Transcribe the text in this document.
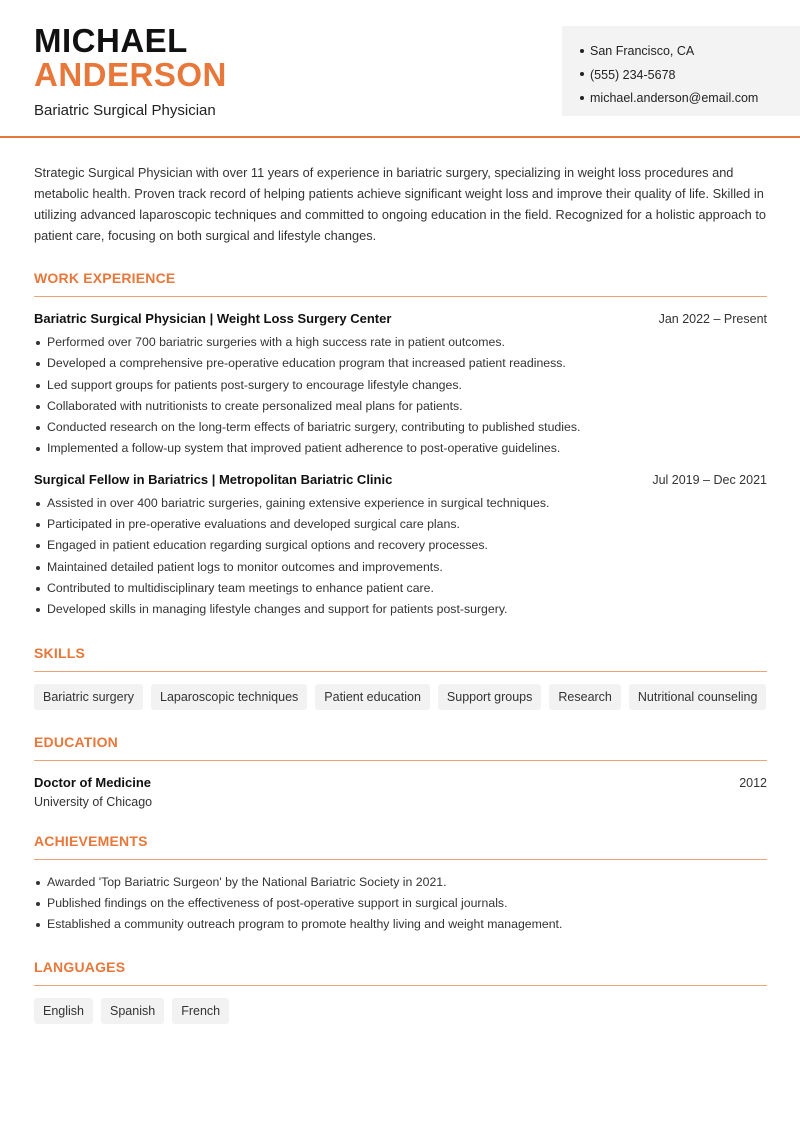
MICHAEL
ANDERSON
Bariatric Surgical Physician
San Francisco, CA
(555) 234-5678
michael.anderson@email.com

Strategic Surgical Physician with over 11 years of experience in bariatric surgery, specializing in weight loss procedures and metabolic health. Proven track record of helping patients achieve significant weight loss and improve their quality of life. Skilled in utilizing advanced laparoscopic techniques and committed to ongoing education in the field. Recognized for a holistic approach to patient care, focusing on both surgical and lifestyle changes.

WORK EXPERIENCE
Bariatric Surgical Physician | Weight Loss Surgery Center	Jan 2022 – Present
Performed over 700 bariatric surgeries with a high success rate in patient outcomes.
Developed a comprehensive pre-operative education program that increased patient readiness.
Led support groups for patients post-surgery to encourage lifestyle changes.
Collaborated with nutritionists to create personalized meal plans for patients.
Conducted research on the long-term effects of bariatric surgery, contributing to published studies.
Implemented a follow-up system that improved patient adherence to post-operative guidelines.
Surgical Fellow in Bariatrics | Metropolitan Bariatric Clinic	Jul 2019 – Dec 2021
Assisted in over 400 bariatric surgeries, gaining extensive experience in surgical techniques.
Participated in pre-operative evaluations and developed surgical care plans.
Engaged in patient education regarding surgical options and recovery processes.
Maintained detailed patient logs to monitor outcomes and improvements.
Contributed to multidisciplinary team meetings to enhance patient care.
Developed skills in managing lifestyle changes and support for patients post-surgery.
SKILLS
Bariatric surgery	Laparoscopic techniques	Patient education	Support groups	Research	Nutritional counseling
EDUCATION
Doctor of Medicine	2012
University of Chicago
ACHIEVEMENTS
Awarded 'Top Bariatric Surgeon' by the National Bariatric Society in 2021.
Published findings on the effectiveness of post-operative support in surgical journals.
Established a community outreach program to promote healthy living and weight management.
LANGUAGES
English	Spanish	French
